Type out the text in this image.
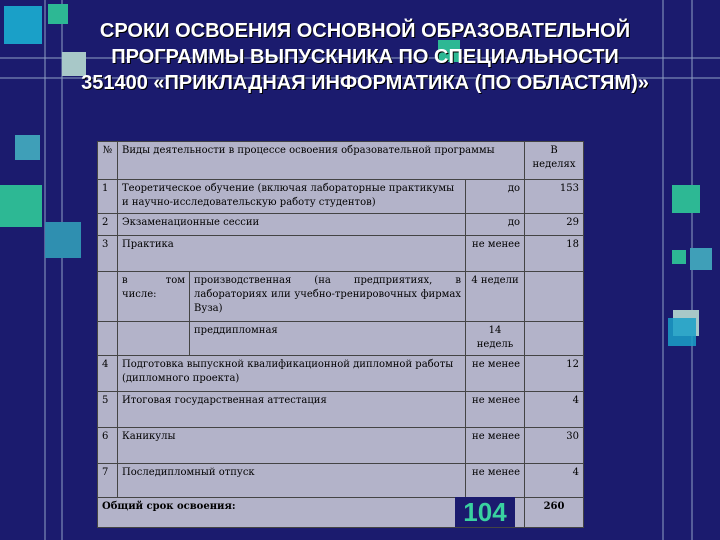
СРОКИ ОСВОЕНИЯ ОСНОВНОЙ ОБРАЗОВАТЕЛЬНОЙ
ПРОГРАММЫ ВЫПУСКНИКА ПО СПЕЦИАЛЬНОСТИ
351400 «ПРИКЛАДНАЯ ИНФОРМАТИКА (ПО ОБЛАСТЯМ)»
№	Виды деятельности в процессе освоения образовательной программы			В неделях
1	Теоретическое обучение (включая лабораторные практикумы и научно-исследовательскую работу студентов)		до	153
2	Экзаменационные сессии		до	29
3	Практика		не менее	18
	в том числе:	производственная (на предприятиях, в лабораториях или учебно-тренировочных фирмах Вуза)	4 недели	
		преддипломная	14 недель	
4	Подготовка выпускной квалификационной дипломной работы (дипломного проекта)		не менее	12
5	Итоговая государственная аттестация		не менее	4
6	Каникулы		не менее	30
7	Последипломный отпуск		не менее	4
Общий срок освоения:				260
104
